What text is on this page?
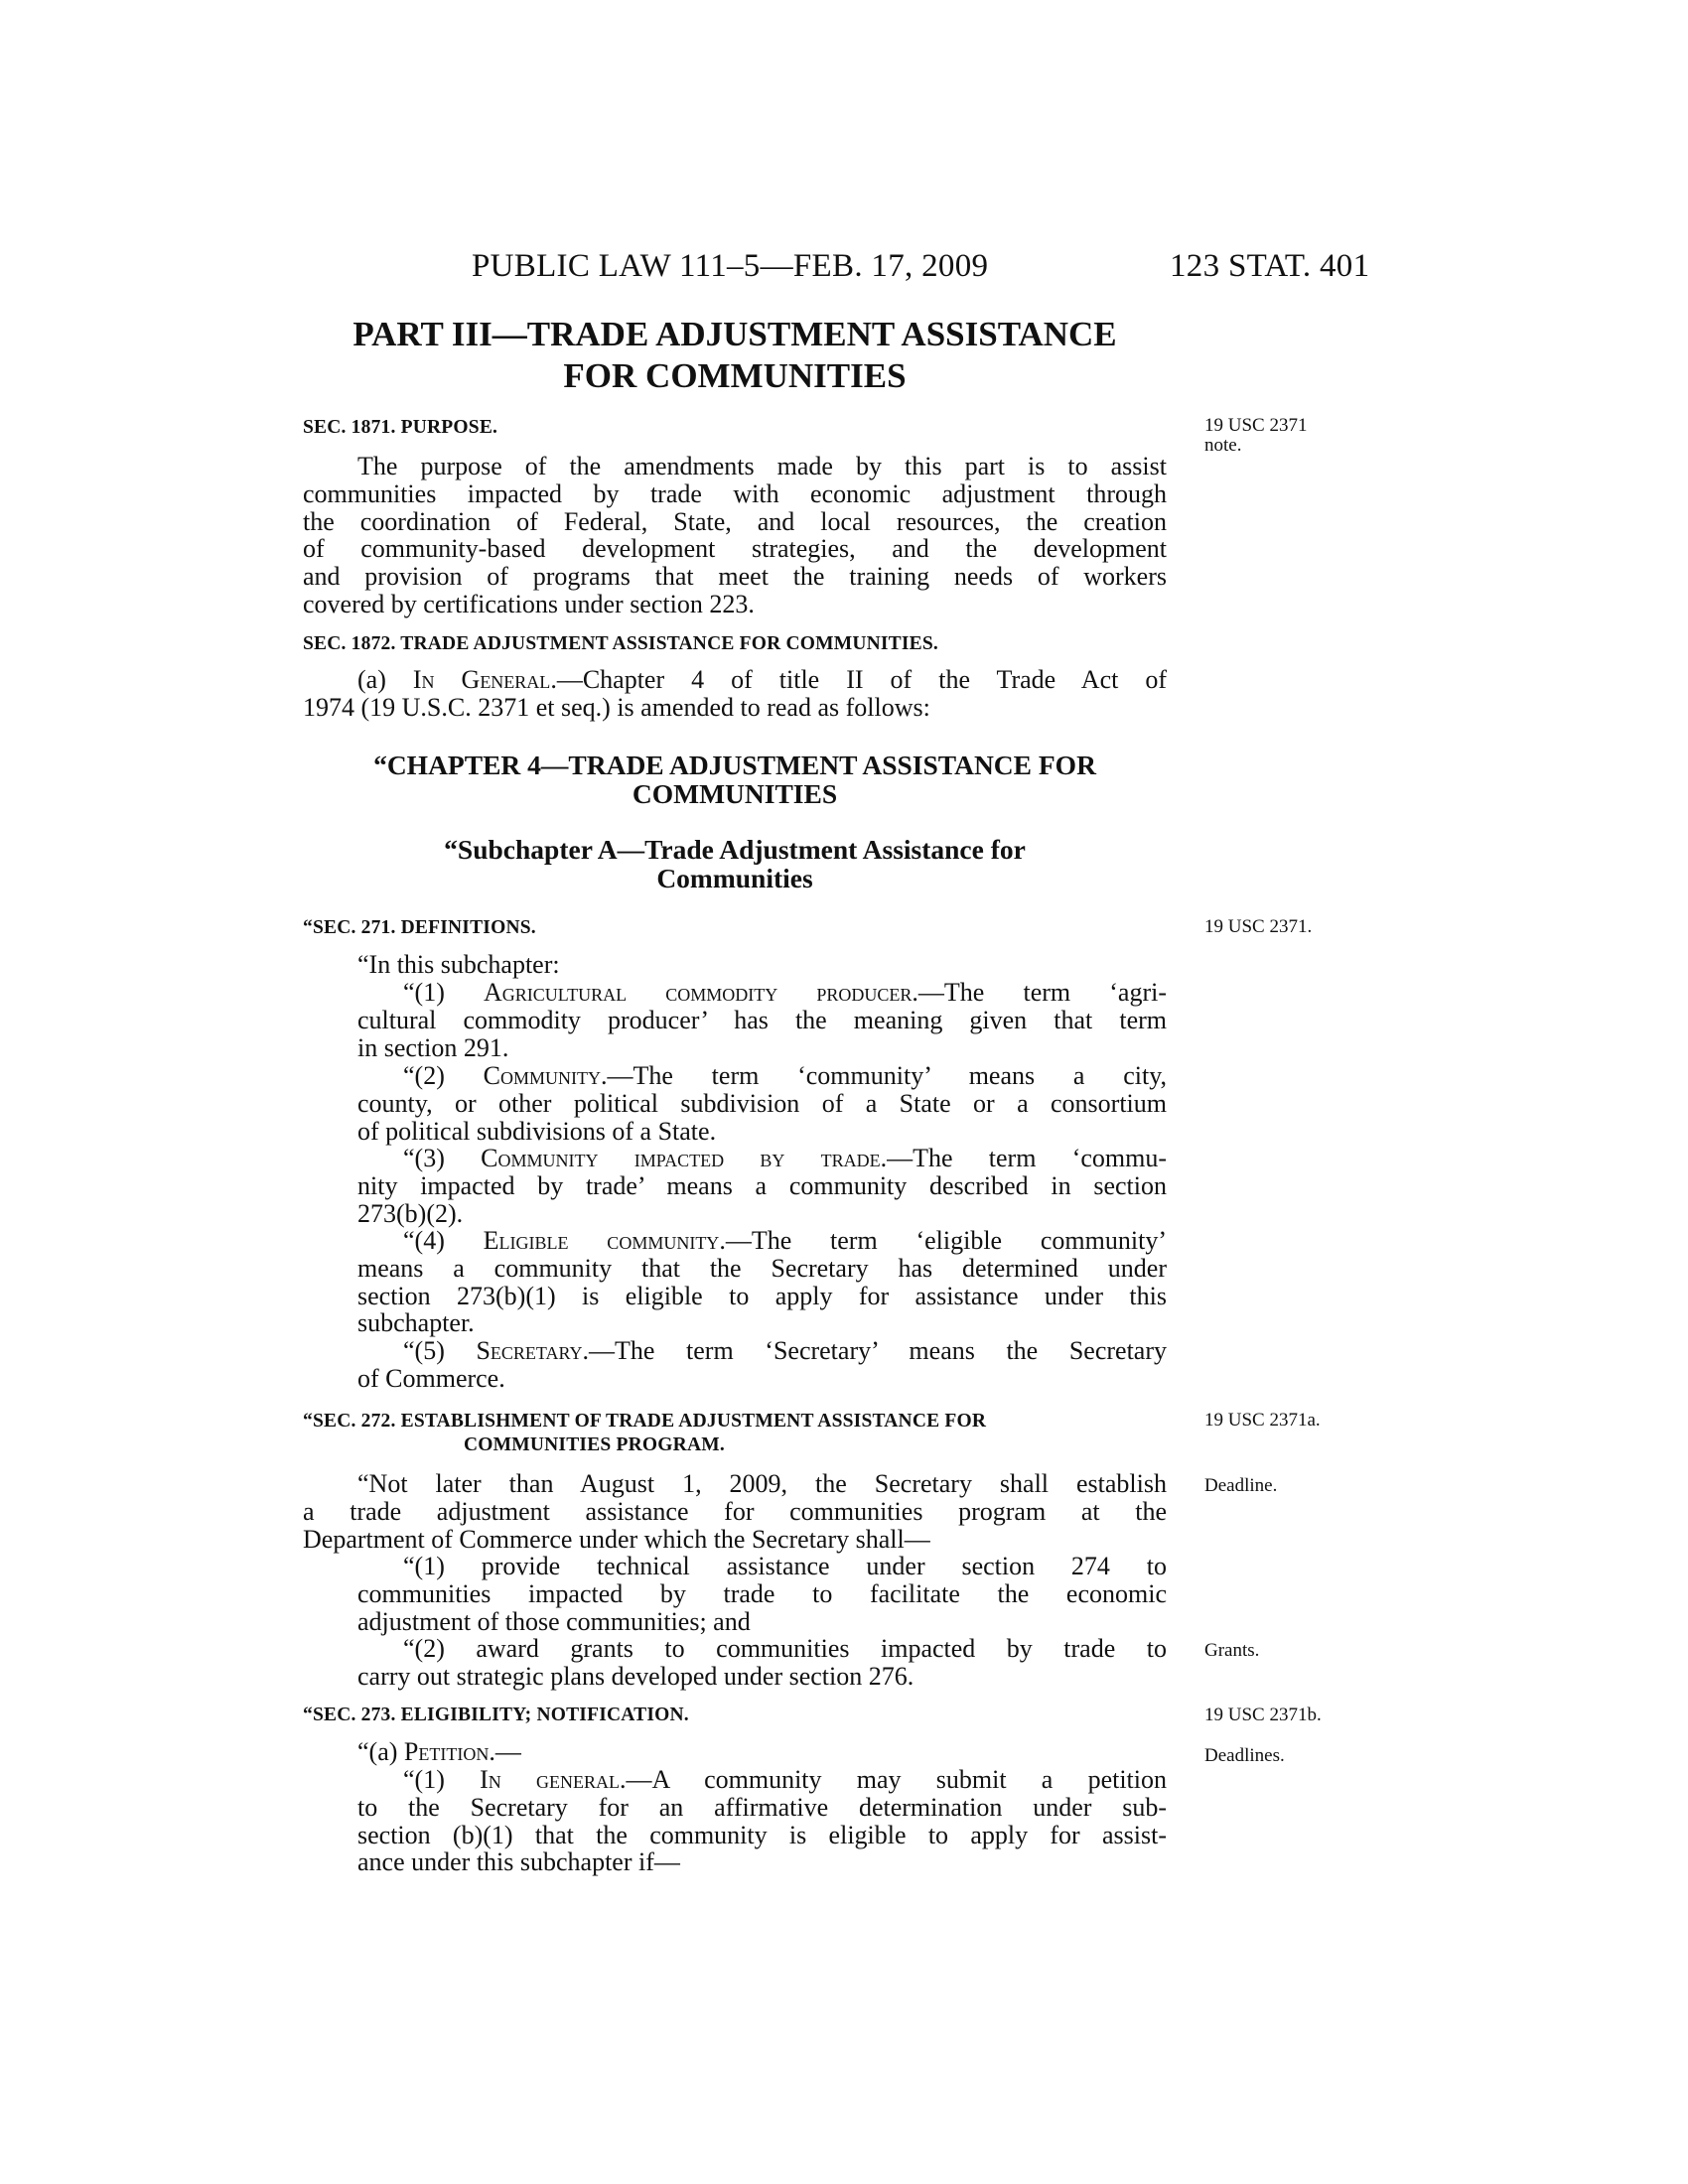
PUBLIC LAW 111–5—FEB. 17, 2009	123 STAT. 401
PART III—TRADE ADJUSTMENT ASSISTANCE
FOR COMMUNITIES
SEC. 1871. PURPOSE.	19 USC 2371
note.
The purpose of the amendments made by this part is to assist
communities impacted by trade with economic adjustment through
the coordination of Federal, State, and local resources, the creation
of community-based development strategies, and the development
and provision of programs that meet the training needs of workers
covered by certifications under section 223.
SEC. 1872. TRADE ADJUSTMENT ASSISTANCE FOR COMMUNITIES.
(a) In General.—Chapter 4 of title II of the Trade Act of
1974 (19 U.S.C. 2371 et seq.) is amended to read as follows:
“CHAPTER 4—TRADE ADJUSTMENT ASSISTANCE FOR
COMMUNITIES
“Subchapter A—Trade Adjustment Assistance for
Communities
“SEC. 271. DEFINITIONS.	19 USC 2371.
“In this subchapter:
“(1) Agricultural commodity producer.—The term ‘agri-
cultural commodity producer’ has the meaning given that term
in section 291.
“(2) Community.—The term ‘community’ means a city,
county, or other political subdivision of a State or a consortium
of political subdivisions of a State.
“(3) Community impacted by trade.—The term ‘commu-
nity impacted by trade’ means a community described in section
273(b)(2).
“(4) Eligible community.—The term ‘eligible community’
means a community that the Secretary has determined under
section 273(b)(1) is eligible to apply for assistance under this
subchapter.
“(5) Secretary.—The term ‘Secretary’ means the Secretary
of Commerce.
“SEC. 272. ESTABLISHMENT OF TRADE ADJUSTMENT ASSISTANCE FOR
COMMUNITIES PROGRAM.
19 USC 2371a.
Deadline.
“Not later than August 1, 2009, the Secretary shall establish
a trade adjustment assistance for communities program at the
Department of Commerce under which the Secretary shall—
“(1) provide technical assistance under section 274 to
communities impacted by trade to facilitate the economic
adjustment of those communities; and
“(2) award grants to communities impacted by trade to
carry out strategic plans developed under section 276.
Grants.
“SEC. 273. ELIGIBILITY; NOTIFICATION.	19 USC 2371b.
Deadlines.
“(a) Petition.—
“(1) In general.—A community may submit a petition
to the Secretary for an affirmative determination under sub-
section (b)(1) that the community is eligible to apply for assist-
ance under this subchapter if—
